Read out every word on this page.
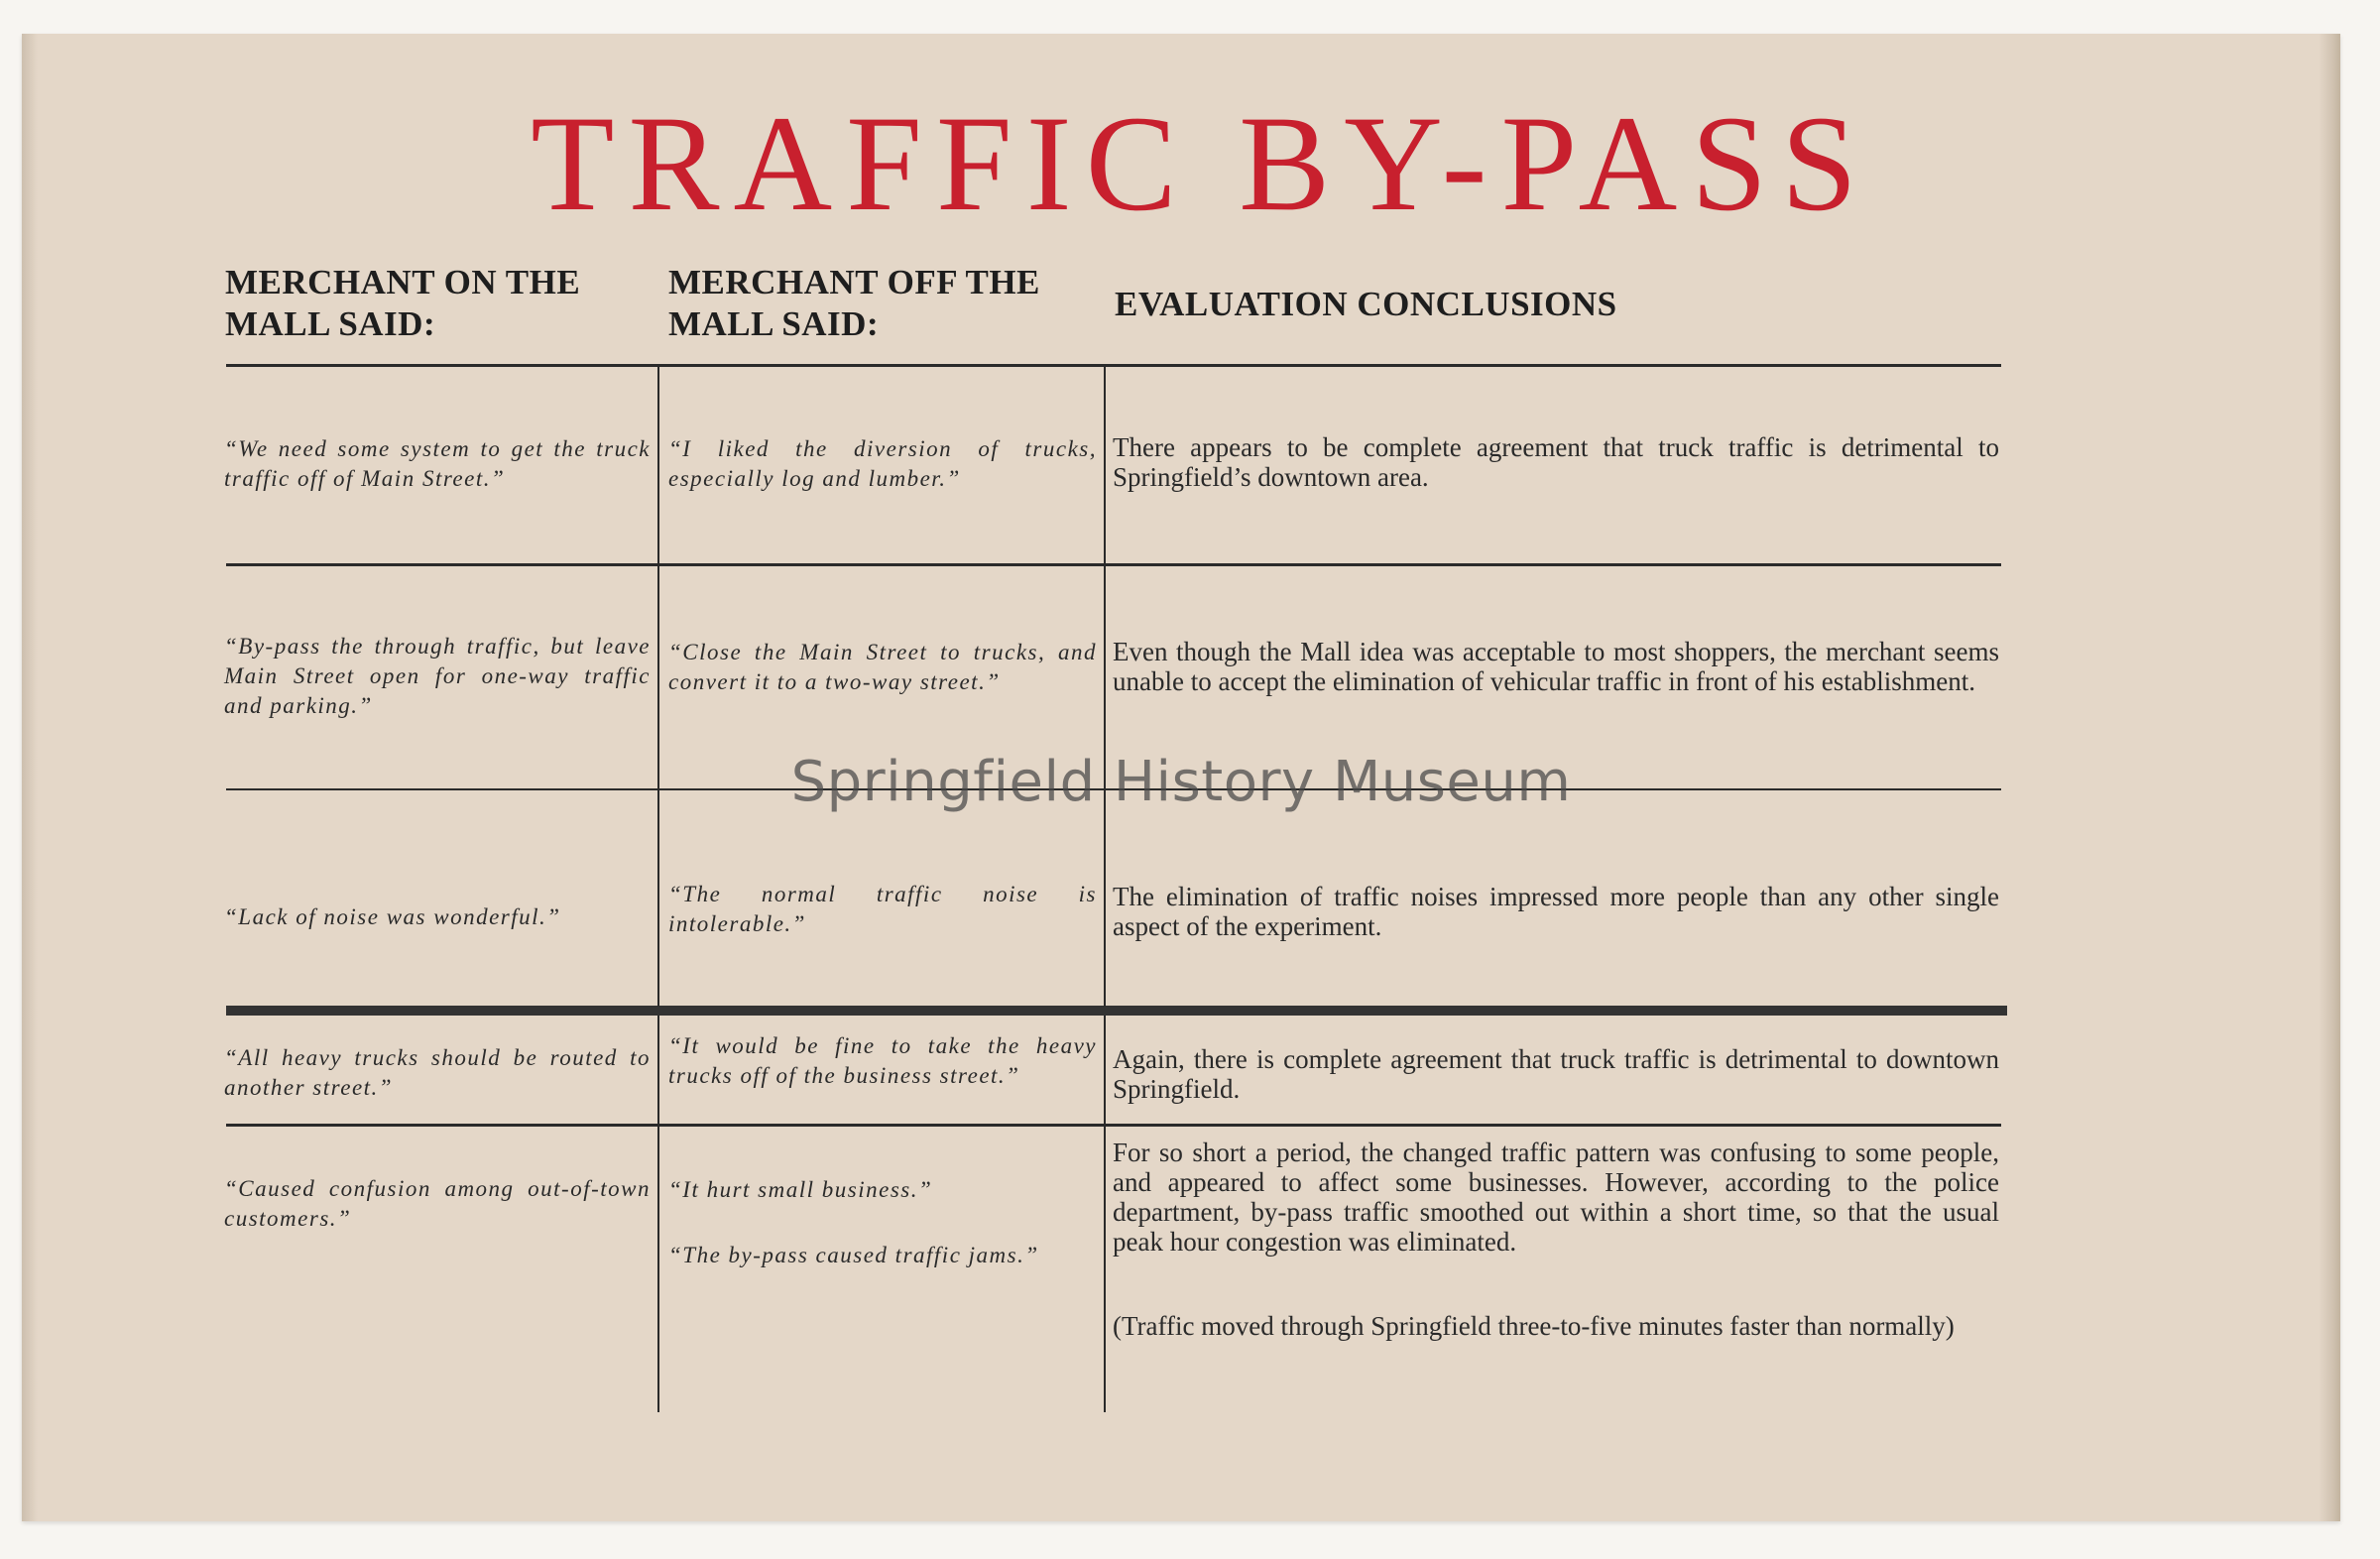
TRAFFIC BY-PASS
MERCHANT ON THE MALL SAID:
MERCHANT OFF THE MALL SAID:
EVALUATION CONCLUSIONS

“We need some system to get the truck traffic off of Main Street.”

“I liked the diversion of trucks, especially log and lumber.”

There appears to be complete agreement that truck traffic is detrimental to Springfield’s downtown area.

“By-pass the through traffic, but leave Main Street open for one-way traffic and parking.”

“Close the Main Street to trucks, and convert it to a two-way street.”

Even though the Mall idea was acceptable to most shoppers, the merchant seems unable to accept the elimination of vehicular traffic in front of his establishment.

“Lack of noise was wonderful.”

“The normal traffic noise is intolerable.”

The elimination of traffic noises impressed more people than any other single aspect of the experiment.

“All heavy trucks should be routed to another street.”

“It would be fine to take the heavy trucks off of the business street.”

Again, there is complete agreement that truck traffic is detrimental to downtown Springfield.

“Caused confusion among out-of-town customers.”

“It hurt small business.”

“The by-pass caused traffic jams.”

For so short a period, the changed traffic pattern was confusing to some people, and appeared to affect some businesses. However, according to the police department, by-pass traffic smoothed out within a short time, so that the usual peak hour congestion was eliminated.

(Traffic moved through Springfield three-to-five minutes faster than normally)

Springfield History Museum
